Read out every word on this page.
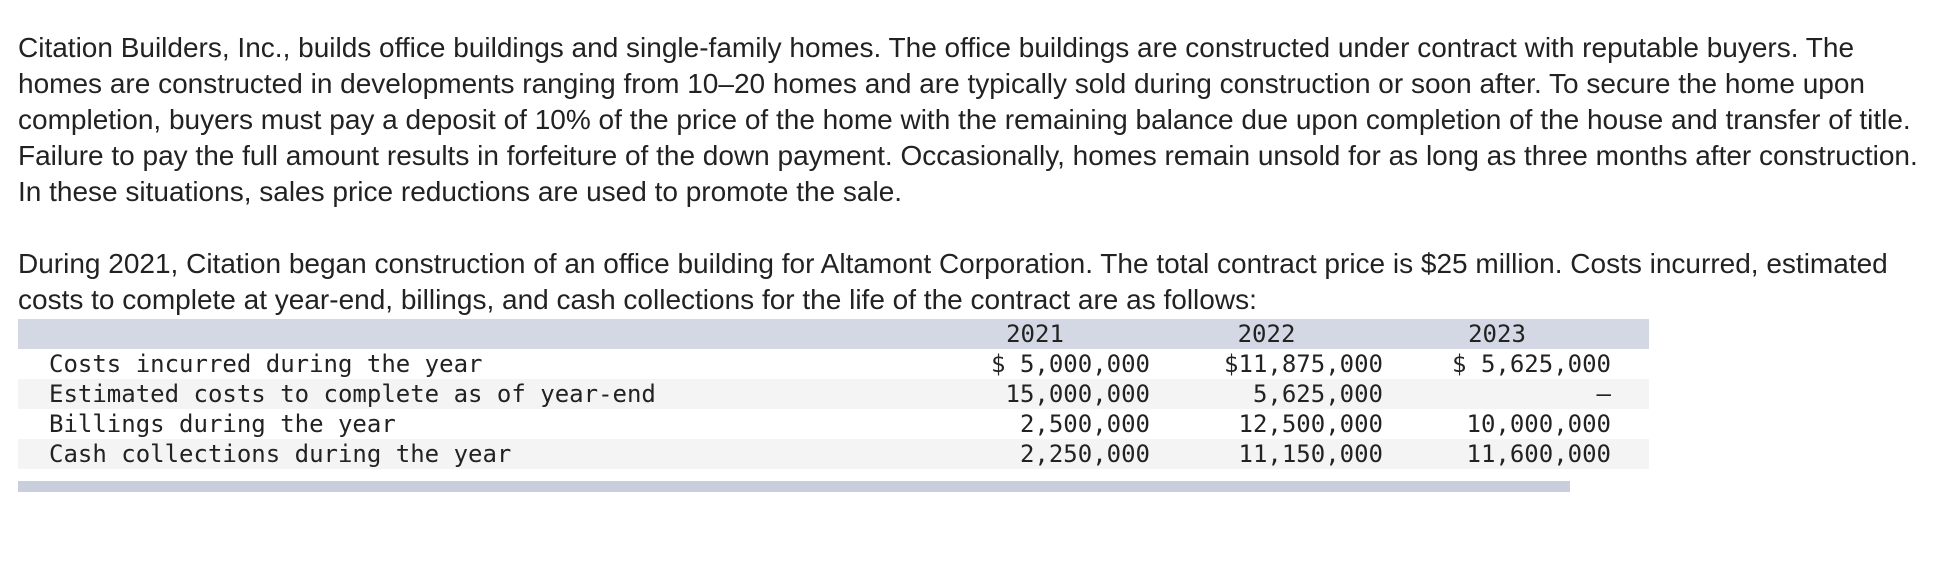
Citation Builders, Inc., builds office buildings and single-family homes. The office buildings are constructed under contract with reputable buyers. The homes are constructed in developments ranging from 10–20 homes and are typically sold during construction or soon after. To secure the home upon completion, buyers must pay a deposit of 10% of the price of the home with the remaining balance due upon completion of the house and transfer of title. Failure to pay the full amount results in forfeiture of the down payment. Occasionally, homes remain unsold for as long as three months after construction. In these situations, sales price reductions are used to promote the sale.

During 2021, Citation began construction of an office building for Altamont Corporation. The total contract price is $25 million. Costs incurred, estimated costs to complete at year-end, billings, and cash collections for the life of the contract are as follows:

	2021	2022	2023	
Costs incurred during the year	$ 5,000,000	$11,875,000	$ 5,625,000	
Estimated costs to complete as of year-end	15,000,000	5,625,000	–	
Billings during the year	2,500,000	12,500,000	10,000,000	
Cash collections during the year	2,250,000	11,150,000	11,600,000	
